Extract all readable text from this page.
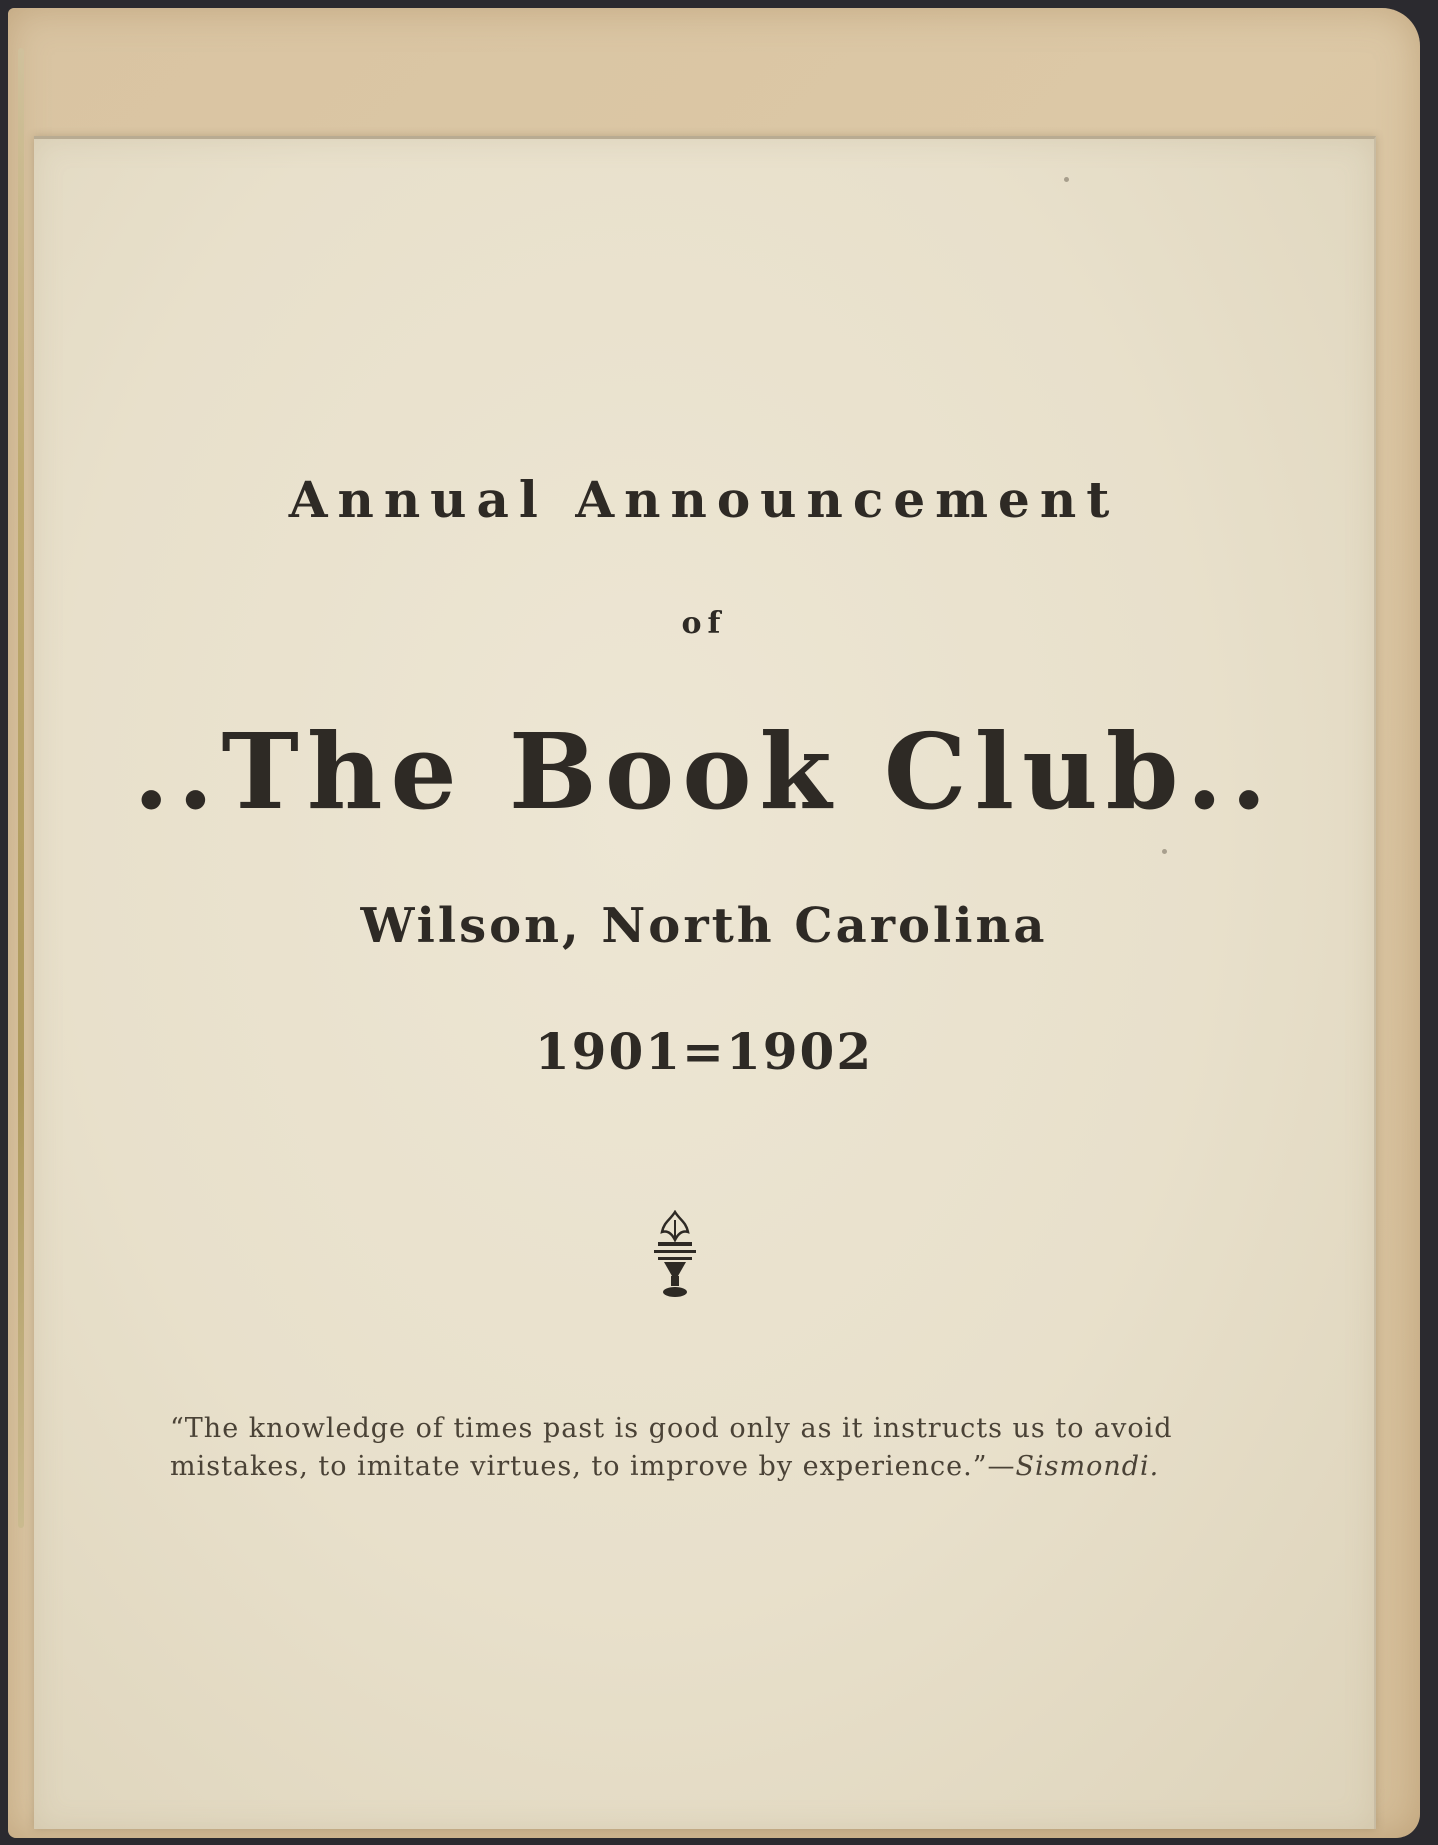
Annual Announcement
of
..The Book Club..
Wilson, North Carolina
1901=1902
“The knowledge of times past is good only as it instructs us to avoid
mistakes, to imitate virtues, to improve by experience.”—Sismondi.
